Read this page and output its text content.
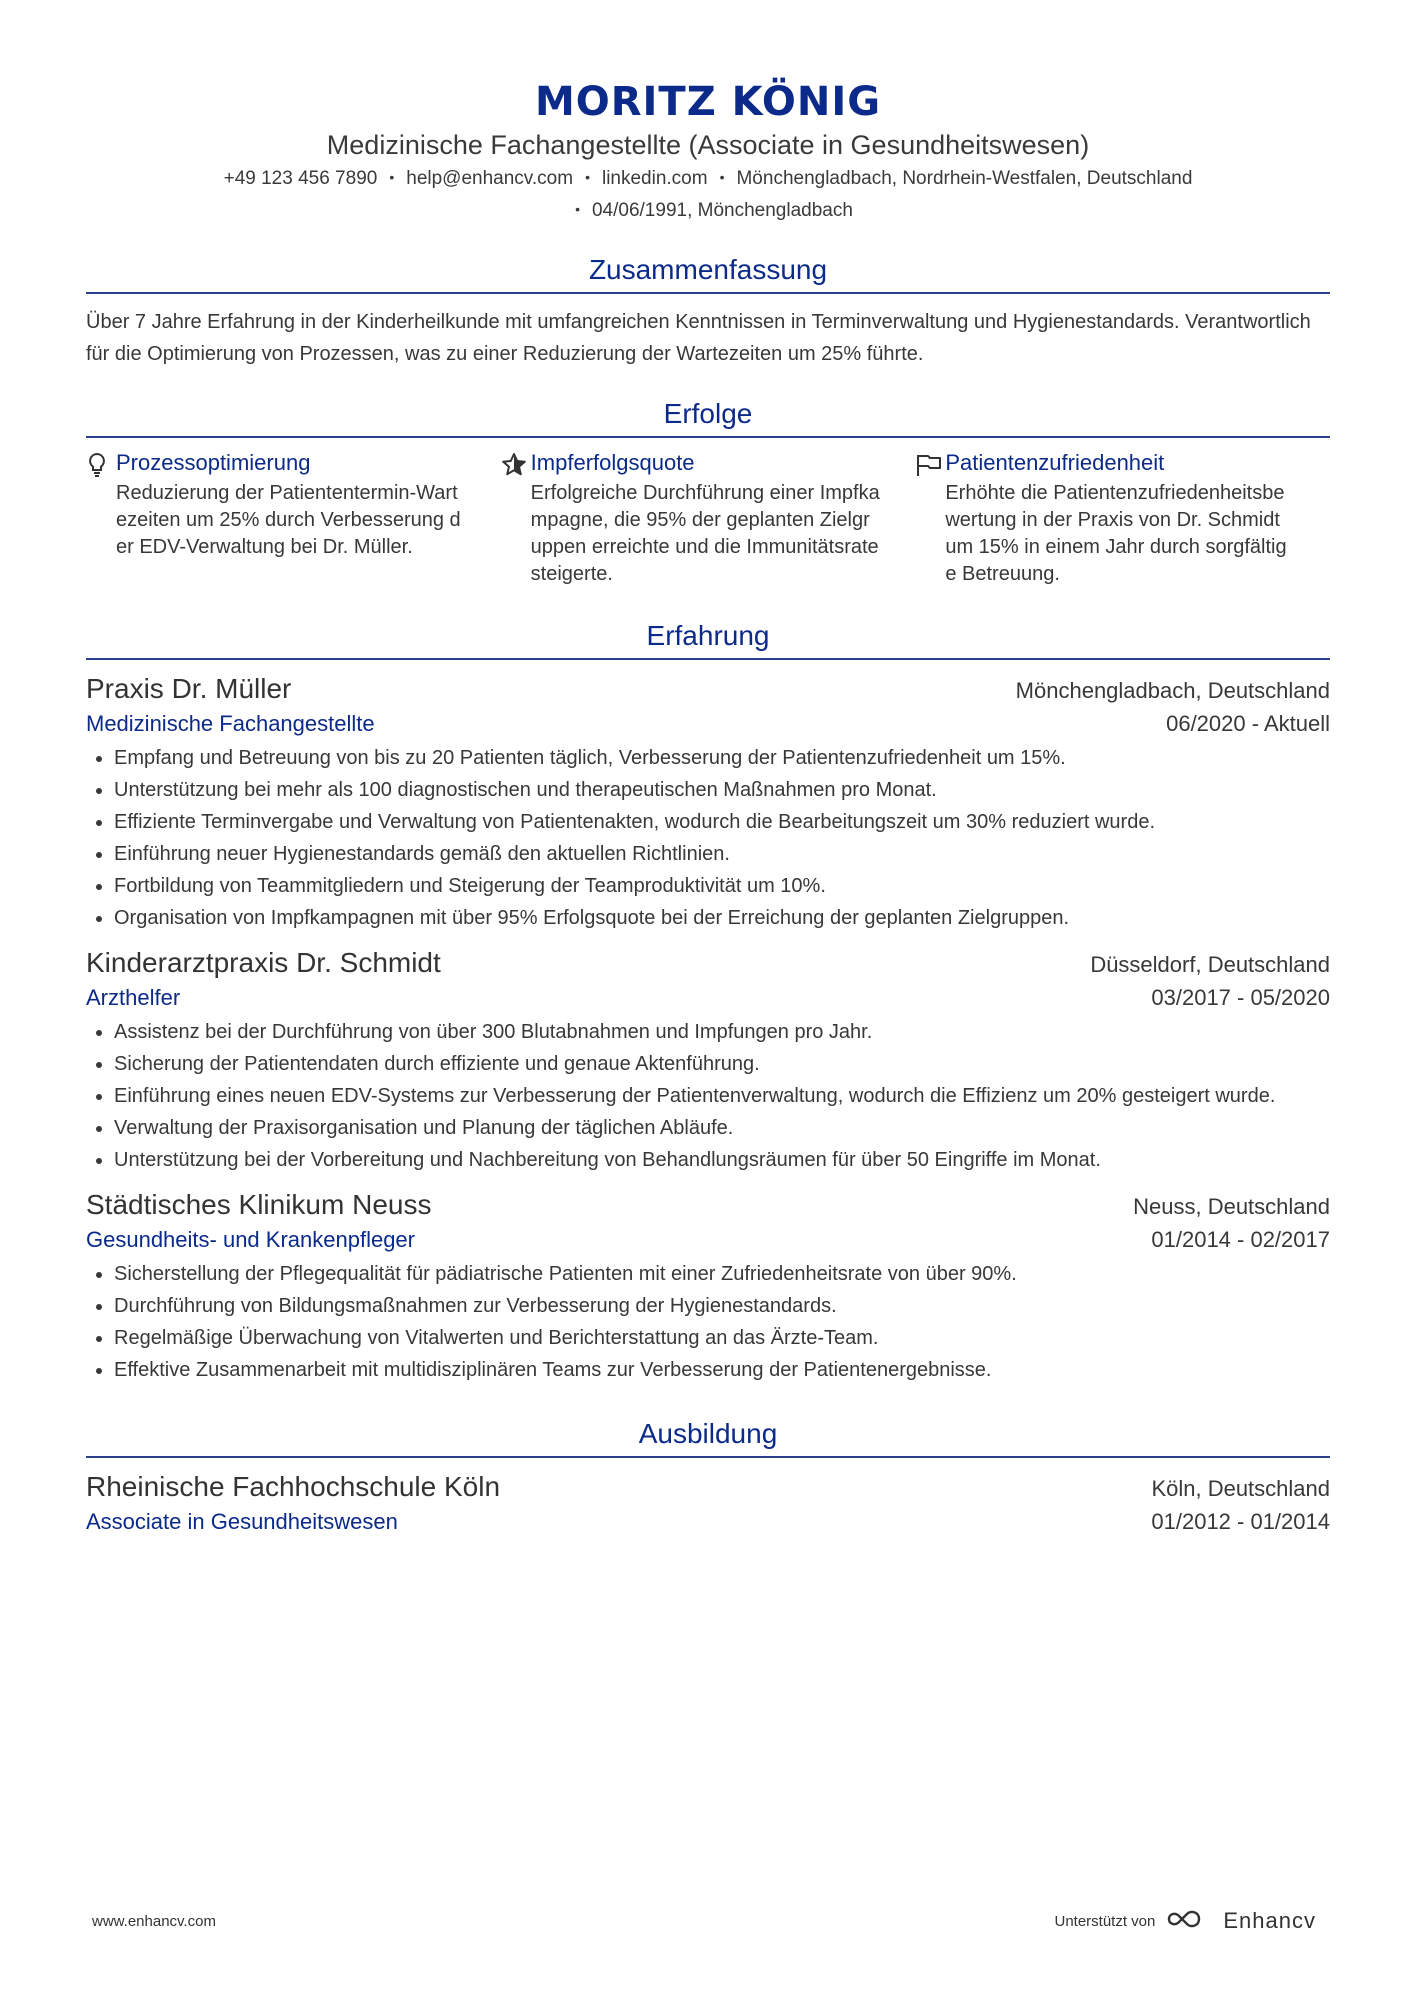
MORITZ KÖNIG
Medizinische Fachangestellte (Associate in Gesundheitswesen)
+49 123 456 7890 • help@enhancv.com • linkedin.com • Mönchengladbach, Nordrhein-Westfalen, Deutschland
• 04/06/1991, Mönchengladbach
Zusammenfassung
Über 7 Jahre Erfahrung in der Kinderheilkunde mit umfangreichen Kenntnissen in Terminverwaltung und Hygienestandards. Verantwortlich für die Optimierung von Prozessen, was zu einer Reduzierung der Wartezeiten um 25% führte.
Erfolge
Prozessoptimierung
Reduzierung der Patiententermin-Wartezeiten um 25% durch Verbesserung der EDV-Verwaltung bei Dr. Müller.
Impferfolgsquote
Erfolgreiche Durchführung einer Impfkampagne, die 95% der geplanten Zielgruppen erreichte und die Immunitätsrate steigerte.
Patientenzufriedenheit
Erhöhte die Patientenzufriedenheitsbewertung in der Praxis von Dr. Schmidt um 15% in einem Jahr durch sorgfältige Betreuung.
Erfahrung
Praxis Dr. Müller	Mönchengladbach, Deutschland
Medizinische Fachangestellte	06/2020 - Aktuell
• Empfang und Betreuung von bis zu 20 Patienten täglich, Verbesserung der Patientenzufriedenheit um 15%.
• Unterstützung bei mehr als 100 diagnostischen und therapeutischen Maßnahmen pro Monat.
• Effiziente Terminvergabe und Verwaltung von Patientenakten, wodurch die Bearbeitungszeit um 30% reduziert wurde.
• Einführung neuer Hygienestandards gemäß den aktuellen Richtlinien.
• Fortbildung von Teammitgliedern und Steigerung der Teamproduktivität um 10%.
• Organisation von Impfkampagnen mit über 95% Erfolgsquote bei der Erreichung der geplanten Zielgruppen.
Kinderarztpraxis Dr. Schmidt	Düsseldorf, Deutschland
Arzthelfer	03/2017 - 05/2020
• Assistenz bei der Durchführung von über 300 Blutabnahmen und Impfungen pro Jahr.
• Sicherung der Patientendaten durch effiziente und genaue Aktenführung.
• Einführung eines neuen EDV-Systems zur Verbesserung der Patientenverwaltung, wodurch die Effizienz um 20% gesteigert wurde.
• Verwaltung der Praxisorganisation und Planung der täglichen Abläufe.
• Unterstützung bei der Vorbereitung und Nachbereitung von Behandlungsräumen für über 50 Eingriffe im Monat.
Städtisches Klinikum Neuss	Neuss, Deutschland
Gesundheits- und Krankenpfleger	01/2014 - 02/2017
• Sicherstellung der Pflegequalität für pädiatrische Patienten mit einer Zufriedenheitsrate von über 90%.
• Durchführung von Bildungsmaßnahmen zur Verbesserung der Hygienestandards.
• Regelmäßige Überwachung von Vitalwerten und Berichterstattung an das Ärzte-Team.
• Effektive Zusammenarbeit mit multidisziplinären Teams zur Verbesserung der Patientenergebnisse.
Ausbildung
Rheinische Fachhochschule Köln	Köln, Deutschland
Associate in Gesundheitswesen	01/2012 - 01/2014
www.enhancv.com	Unterstützt von	Enhancv
